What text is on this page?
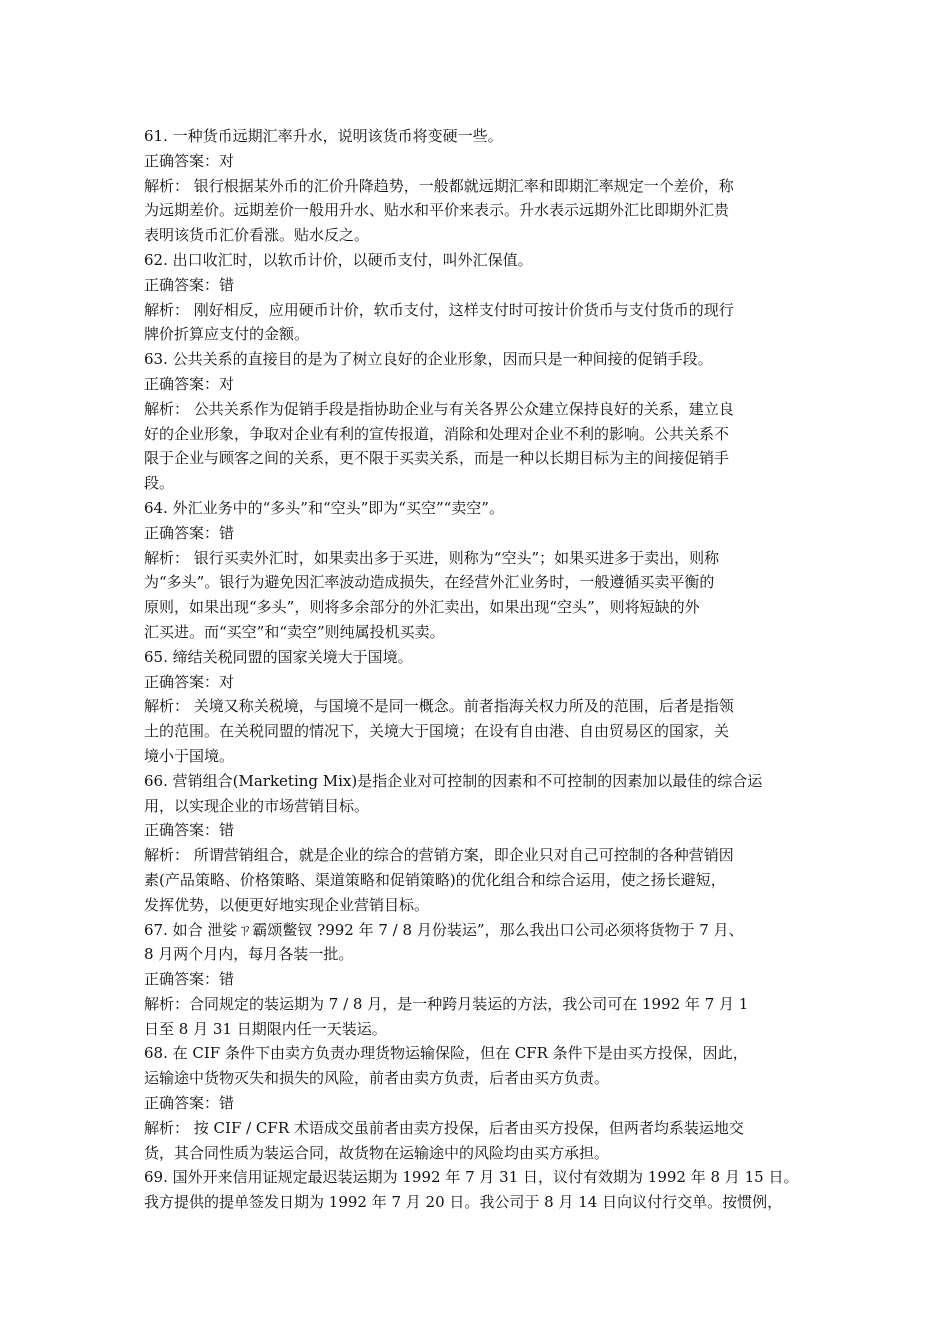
61. 一种货币远期汇率升水，说明该货币将变硬一些。
正确答案：对
解析： 银行根据某外币的汇价升降趋势，一般都就远期汇率和即期汇率规定一个差价，称
为远期差价。远期差价一般用升水、贴水和平价来表示。升水表示远期外汇比即期外汇贵
表明该货币汇价看涨。贴水反之。
62. 出口收汇时，以软币计价，以硬币支付，叫外汇保值。
正确答案：错
解析： 刚好相反，应用硬币计价，软币支付，这样支付时可按计价货币与支付货币的现行
牌价折算应支付的金额。
63. 公共关系的直接目的是为了树立良好的企业形象，因而只是一种间接的促销手段。
正确答案：对
解析： 公共关系作为促销手段是指协助企业与有关各界公众建立保持良好的关系，建立良
好的企业形象，争取对企业有利的宣传报道，消除和处理对企业不利的影响。公共关系不
限于企业与顾客之间的关系，更不限于买卖关系，而是一种以长期目标为主的间接促销手
段。
64. 外汇业务中的“多头”和“空头”即为“买空”“卖空”。
正确答案：错
解析： 银行买卖外汇时，如果卖出多于买进，则称为“空头”；如果买进多于卖出，则称
为“多头”。银行为避免因汇率波动造成损失，在经营外汇业务时，一般遵循买卖平衡的
原则，如果出现“多头”，则将多余部分的外汇卖出，如果出现“空头”，则将短缺的外
汇买进。而“买空”和“卖空”则纯属投机买卖。
65. 缔结关税同盟的国家关境大于国境。
正确答案：对
解析： 关境又称关税境，与国境不是同一概念。前者指海关权力所及的范围，后者是指领
土的范围。在关税同盟的情况下，关境大于国境；在设有自由港、自由贸易区的国家，关
境小于国境。
66. 营销组合(Marketing Mix)是指企业对可控制的因素和不可控制的因素加以最佳的综合运
用，以实现企业的市场营销目标。
正确答案：错
解析： 所谓营销组合，就是企业的综合的营销方案，即企业只对自己可控制的各种营销因
素(产品策略、价格策略、渠道策略和促销策略)的优化组合和综合运用，使之扬长避短，
发挥优势，以便更好地实现企业营销目标。
67. 如合 泄娑ㄗ霸颂鳖钗 ?992 年 7 / 8 月份装运”，那么我出口公司必须将货物于 7 月、
8 月两个月内，每月各装一批。
正确答案：错
解析：合同规定的装运期为 7 / 8 月，是一种跨月装运的方法，我公司可在 1992 年 7 月 1
日至 8 月 31 日期限内任一天装运。
68. 在 CIF 条件下由卖方负责办理货物运输保险，但在 CFR 条件下是由买方投保，因此，
运输途中货物灭失和损失的风险，前者由卖方负责，后者由买方负责。
正确答案：错
解析： 按 CIF / CFR 术语成交虽前者由卖方投保，后者由买方投保，但两者均系装运地交
货，其合同性质为装运合同，故货物在运输途中的风险均由买方承担。
69. 国外开来信用证规定最迟装运期为 1992 年 7 月 31 日，议付有效期为 1992 年 8 月 15 日。
我方提供的提单签发日期为 1992 年 7 月 20 日。我公司于 8 月 14 日向议付行交单。按惯例，
